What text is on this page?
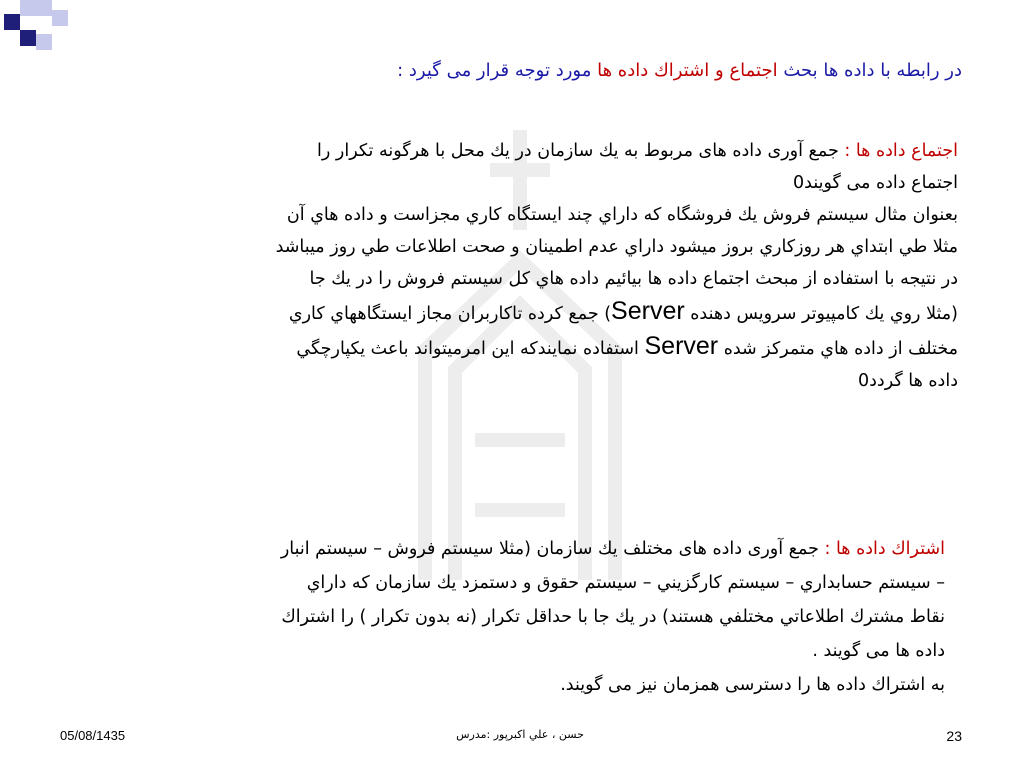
در رابطه با داده ها بحث اجتماع و اشتراك داده ها مورد توجه قرار می گیرد :
اجتماع داده ها : جمع آوری داده های مربوط به يك سازمان در يك محل با هرگونه تكرار را
اجتماع داده می گويند0
بعنوان مثال سيستم فروش يك فروشگاه كه داراي چند ايستگاه كاري مجزاست و داده هاي آن
مثلا طي ابتداي هر روزكاري بروز ميشود داراي عدم اطمينان و صحت اطلاعات طي روز ميباشد
در نتيجه با استفاده از مبحث اجتماع داده ها بيائيم داده هاي كل سيستم فروش را در يك جا
(مثلا روي يك كامپيوتر سرويس دهنده Server) جمع كرده تاكاربران مجاز ايستگاههاي كاري
مختلف از داده هاي متمركز شده Server استفاده نمايندكه اين امرميتواند باعث يكپارچگي
داده ها گردد0
اشتراك داده ها : جمع آوری داده های مختلف يك سازمان (مثلا سيستم فروش – سيستم انبار
– سيستم حسابداري – سيستم كارگزيني – سيستم حقوق و دستمزد يك سازمان كه داراي
نقاط مشترك اطلاعاتي مختلفي هستند) در يك جا با حداقل تكرار (نه بدون تكرار ) را اشتراك
داده ها می گويند .
به اشتراك داده ها را دسترسی همزمان نيز می گويند.
05/08/1435	حسن ، علي اكبرپور :مدرس	23
